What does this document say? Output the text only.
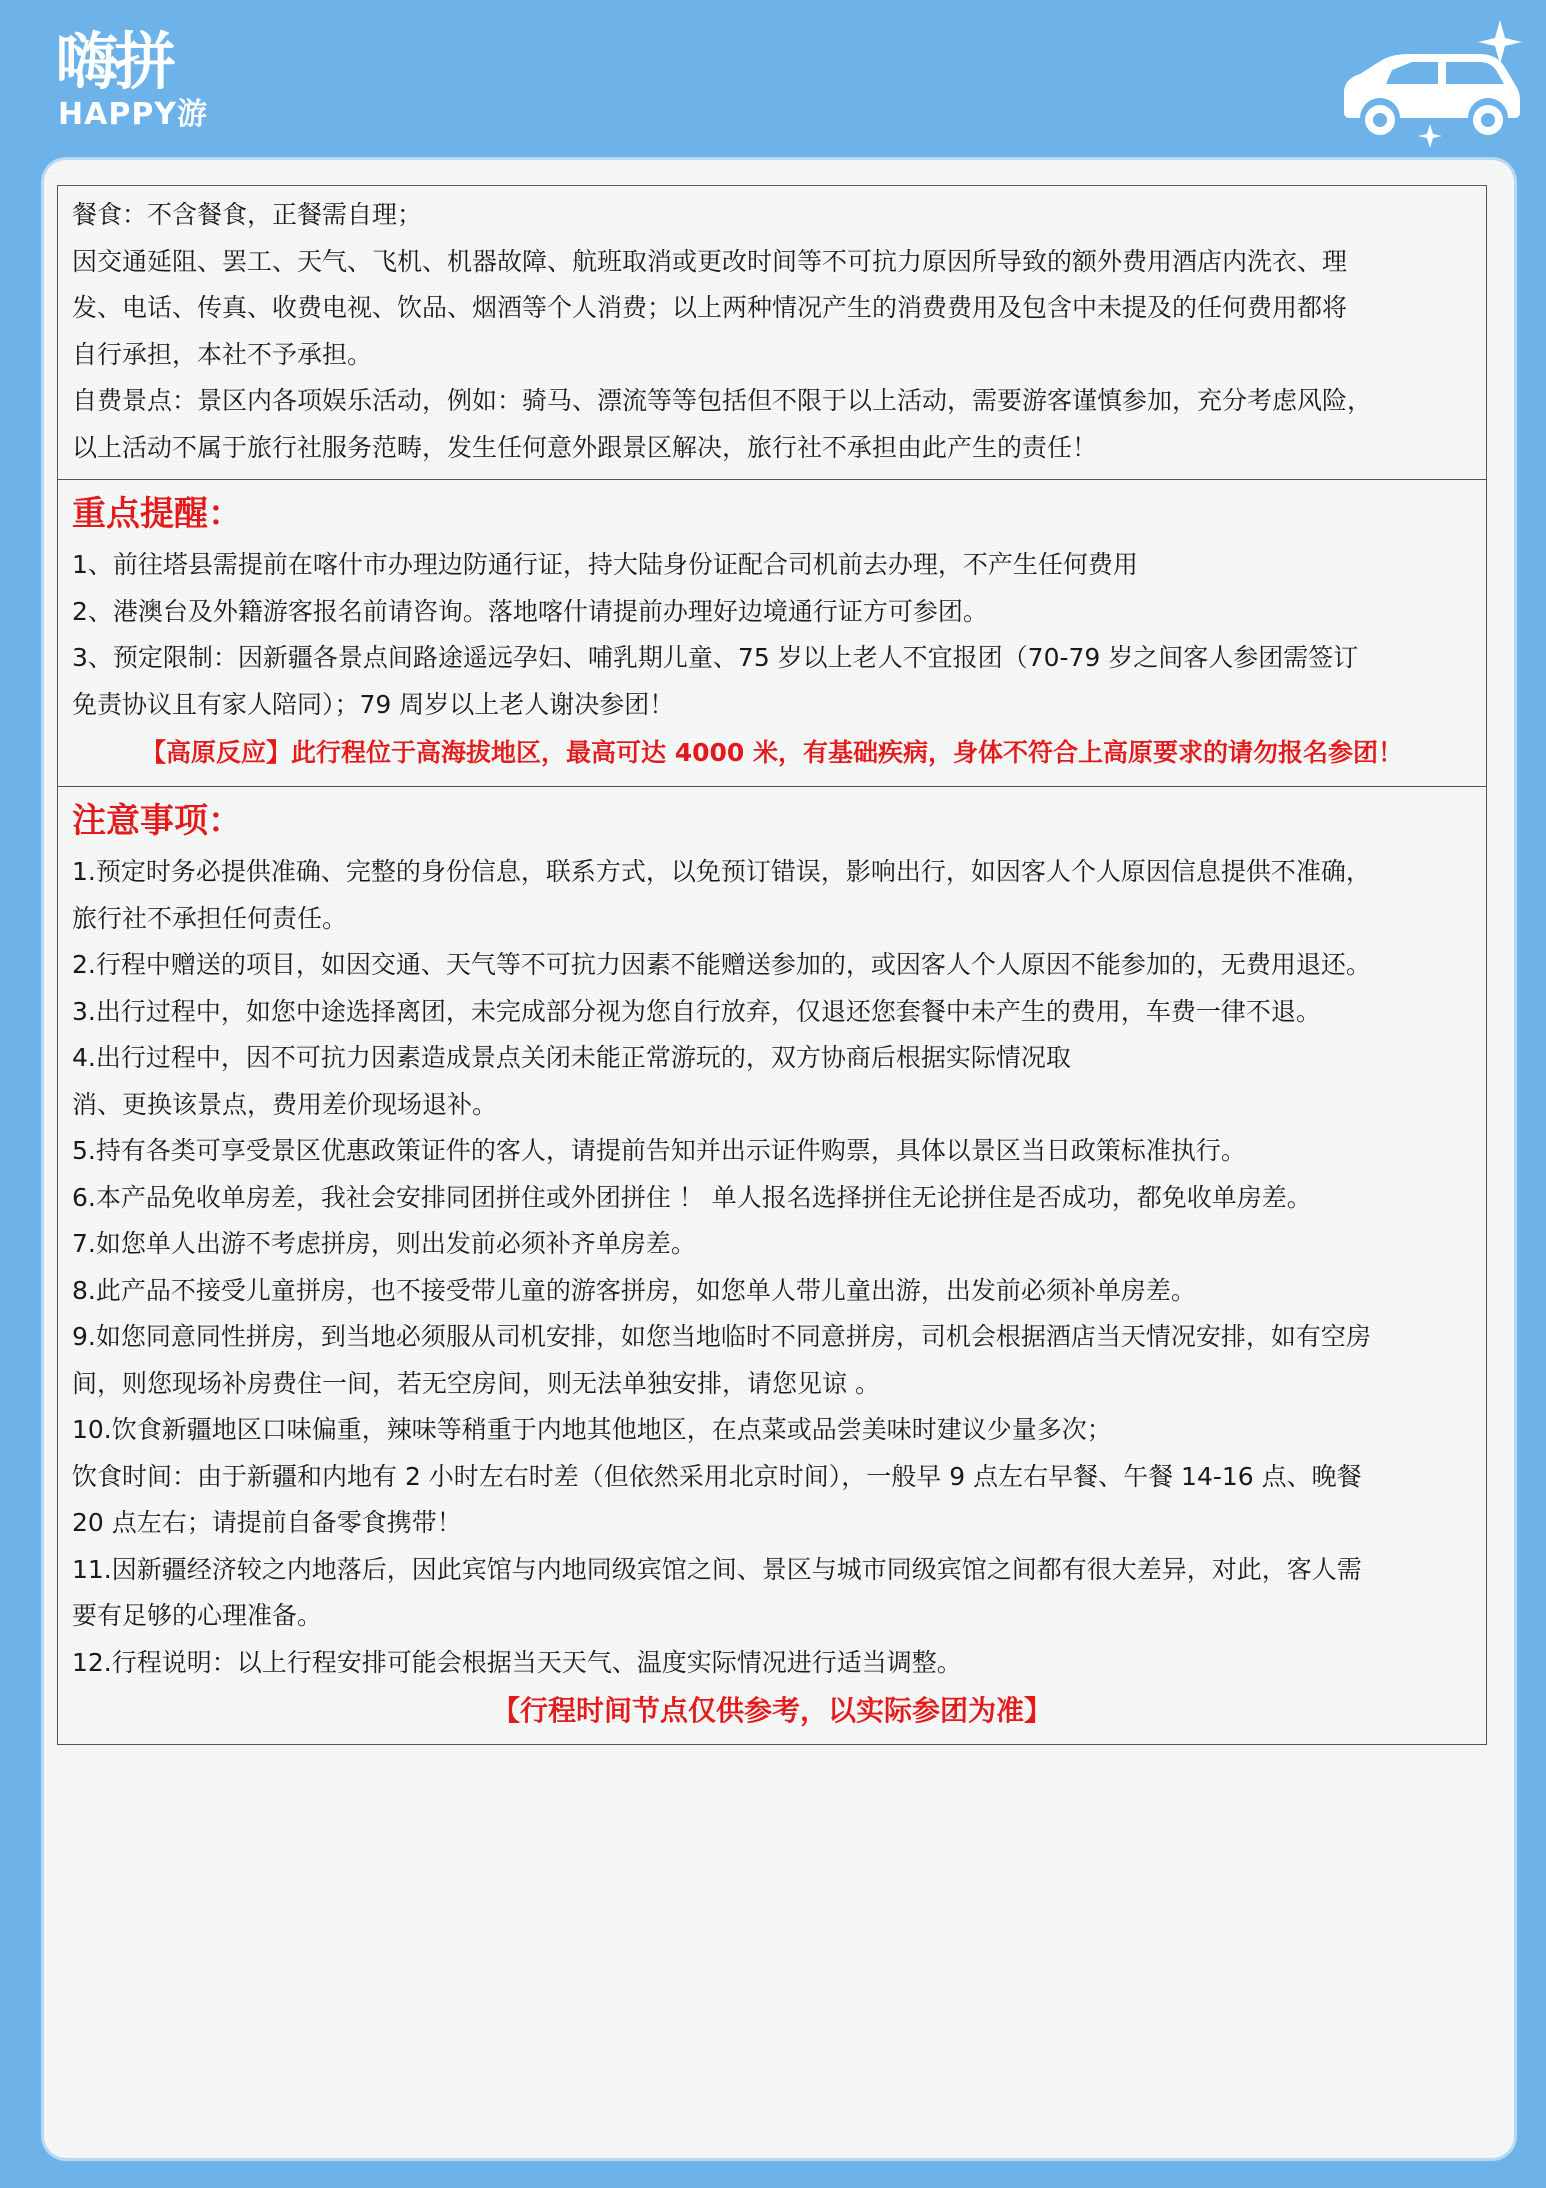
嗨拼
HAPPY游
餐食：不含餐食，正餐需自理；
因交通延阻、罢工、天气、飞机、机器故障、航班取消或更改时间等不可抗力原因所导致的额外费用酒店内洗衣、理
发、电话、传真、收费电视、饮品、烟酒等个人消费；以上两种情况产生的消费费用及包含中未提及的任何费用都将
自行承担，本社不予承担。
自费景点：景区内各项娱乐活动，例如：骑马、漂流等等包括但不限于以上活动，需要游客谨慎参加，充分考虑风险，
以上活动不属于旅行社服务范畴，发生任何意外跟景区解决，旅行社不承担由此产生的责任！
重点提醒：
1、前往塔县需提前在喀什市办理边防通行证，持大陆身份证配合司机前去办理，不产生任何费用
2、港澳台及外籍游客报名前请咨询。落地喀什请提前办理好边境通行证方可参团。
3、预定限制：因新疆各景点间路途遥远孕妇、哺乳期儿童、75 岁以上老人不宜报团（70-79 岁之间客人参团需签订
免责协议且有家人陪同）；79 周岁以上老人谢决参团！
【高原反应】此行程位于高海拔地区，最高可达 4000 米，有基础疾病，身体不符合上高原要求的请勿报名参团！
注意事项：
1.预定时务必提供准确、完整的身份信息，联系方式，以免预订错误，影响出行，如因客人个人原因信息提供不准确，
旅行社不承担任何责任。
2.行程中赠送的项目，如因交通、天气等不可抗力因素不能赠送参加的，或因客人个人原因不能参加的，无费用退还。
3.出行过程中，如您中途选择离团，未完成部分视为您自行放弃，仅退还您套餐中未产生的费用，车费一律不退。
4.出行过程中，因不可抗力因素造成景点关闭未能正常游玩的，双方协商后根据实际情况取
消、更换该景点，费用差价现场退补。
5.持有各类可享受景区优惠政策证件的客人，请提前告知并出示证件购票，具体以景区当日政策标准执行。
6.本产品免收单房差，我社会安排同团拼住或外团拼住 ！ 单人报名选择拼住无论拼住是否成功，都免收单房差。
7.如您单人出游不考虑拼房，则出发前必须补齐单房差。
8.此产品不接受儿童拼房，也不接受带儿童的游客拼房，如您单人带儿童出游，出发前必须补单房差。
9.如您同意同性拼房，到当地必须服从司机安排，如您当地临时不同意拼房，司机会根据酒店当天情况安排，如有空房
间，则您现场补房费住一间，若无空房间，则无法单独安排，请您见谅 。
10.饮食新疆地区口味偏重，辣味等稍重于内地其他地区，在点菜或品尝美味时建议少量多次；
饮食时间：由于新疆和内地有 2 小时左右时差（但依然采用北京时间），一般早 9 点左右早餐、午餐 14-16 点、晚餐
20 点左右；请提前自备零食携带！
11.因新疆经济较之内地落后，因此宾馆与内地同级宾馆之间、景区与城市同级宾馆之间都有很大差异，对此，客人需
要有足够的心理准备。
12.行程说明：以上行程安排可能会根据当天天气、温度实际情况进行适当调整。
【行程时间节点仅供参考，以实际参团为准】
